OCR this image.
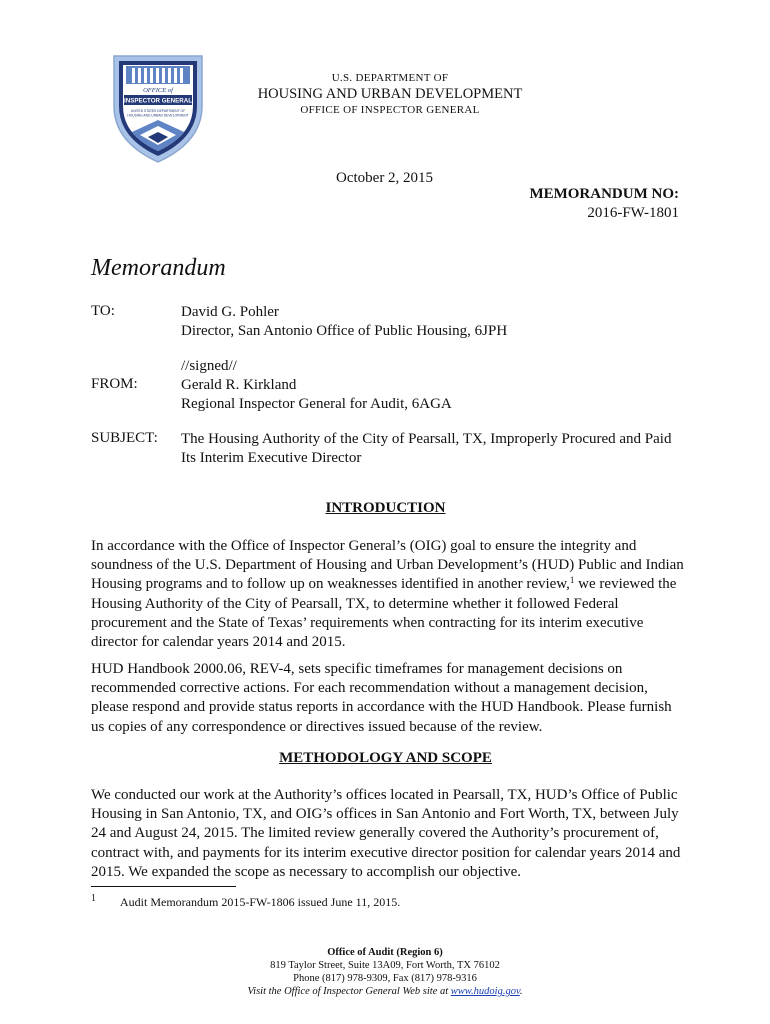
OFFICE of
INSPECTOR GENERAL
UNITED STATES DEPARTMENT OF
HOUSING AND URBAN DEVELOPMENT
U.S. DEPARTMENT OF
HOUSING AND URBAN DEVELOPMENT
OFFICE OF INSPECTOR GENERAL
October 2, 2015
MEMORANDUM NO:
2016-FW-1801
Memorandum
TO:	David G. Pohler
Director, San Antonio Office of Public Housing, 6JPH
//signed//
FROM:	Gerald R. Kirkland
Regional Inspector General for Audit, 6AGA
SUBJECT: The Housing Authority of the City of Pearsall, TX, Improperly Procured and Paid
Its Interim Executive Director
INTRODUCTION
In accordance with the Office of Inspector General’s (OIG) goal to ensure the integrity and soundness of the U.S. Department of Housing and Urban Development’s (HUD) Public and Indian Housing programs and to follow up on weaknesses identified in another review,$^1$ we reviewed the Housing Authority of the City of Pearsall, TX, to determine whether it followed Federal procurement and the State of Texas’ requirements when contracting for its interim executive director for calendar years 2014 and 2015.
HUD Handbook 2000.06, REV-4, sets specific timeframes for management decisions on recommended corrective actions. For each recommendation without a management decision, please respond and provide status reports in accordance with the HUD Handbook. Please furnish us copies of any correspondence or directives issued because of the review.
METHODOLOGY AND SCOPE
We conducted our work at the Authority’s offices located in Pearsall, TX, HUD’s Office of Public Housing in San Antonio, TX, and OIG’s offices in San Antonio and Fort Worth, TX, between July 24 and August 24, 2015. The limited review generally covered the Authority’s procurement of, contract with, and payments for its interim executive director position for calendar years 2014 and 2015. We expanded the scope as necessary to accomplish our objective.
1 Audit Memorandum 2015-FW-1806 issued June 11, 2015.
Office of Audit (Region 6)
819 Taylor Street, Suite 13A09, Fort Worth, TX 76102
Phone (817) 978-9309, Fax (817) 978-9316
Visit the Office of Inspector General Web site at www.hudoig.gov.
